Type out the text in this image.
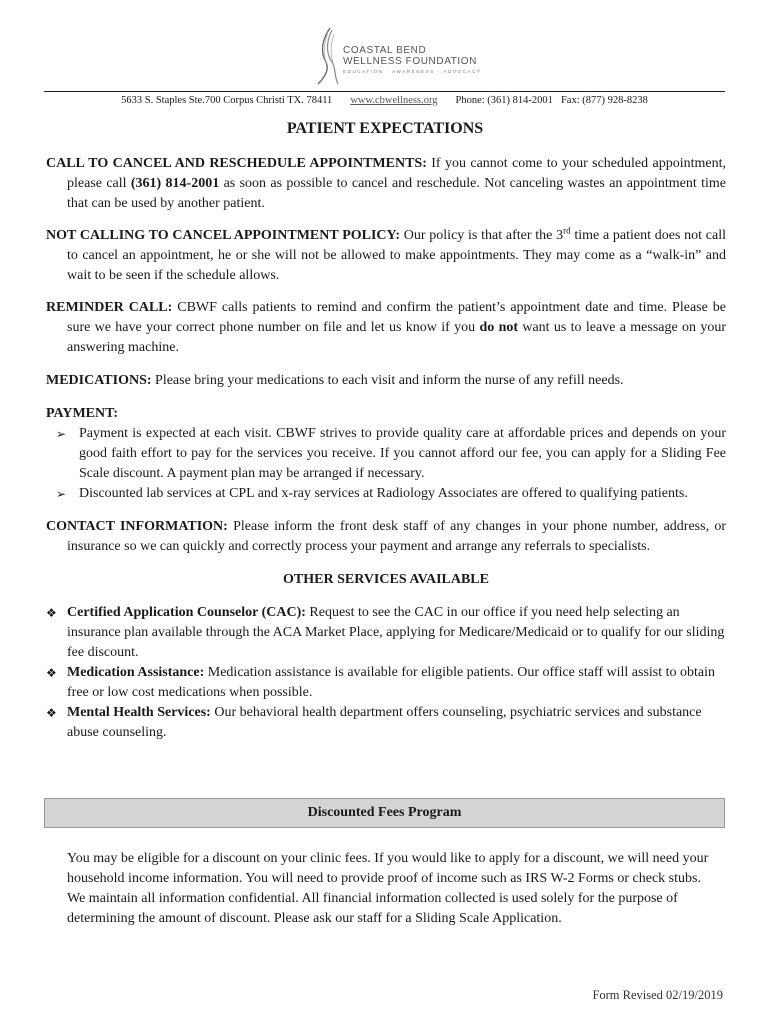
COASTAL BEND
WELLNESS FOUNDATION
EDUCATION · AWARENESS · ADVOCACY
5633 S. Staples Ste.700 Corpus Christi TX. 78411 www.cbwellness.org Phone: (361) 814-2001 Fax: (877) 928-8238
PATIENT EXPECTATIONS

CALL TO CANCEL AND RESCHEDULE APPOINTMENTS: If you cannot come to your scheduled appointment, please call (361) 814-2001 as soon as possible to cancel and reschedule. Not canceling wastes an appointment time that can be used by another patient.

NOT CALLING TO CANCEL APPOINTMENT POLICY: Our policy is that after the 3rd time a patient does not call to cancel an appointment, he or she will not be allowed to make appointments. They may come as a “walk-in” and wait to be seen if the schedule allows.

REMINDER CALL: CBWF calls patients to remind and confirm the patient’s appointment date and time. Please be sure we have your correct phone number on file and let us know if you do not want us to leave a message on your answering machine.

MEDICATIONS: Please bring your medications to each visit and inform the nurse of any refill needs.

PAYMENT:

➢ Payment is expected at each visit. CBWF strives to provide quality care at affordable prices and depends on your good faith effort to pay for the services you receive. If you cannot afford our fee, you can apply for a Sliding Fee Scale discount. A payment plan may be arranged if necessary.
➢ Discounted lab services at CPL and x-ray services at Radiology Associates are offered to qualifying patients.

CONTACT INFORMATION: Please inform the front desk staff of any changes in your phone number, address, or insurance so we can quickly and correctly process your payment and arrange any referrals to specialists.

OTHER SERVICES AVAILABLE

❖ Certified Application Counselor (CAC): Request to see the CAC in our office if you need help selecting an insurance plan available through the ACA Market Place, applying for Medicare/Medicaid or to qualify for our sliding fee discount.
❖ Medication Assistance: Medication assistance is available for eligible patients. Our office staff will assist to obtain free or low cost medications when possible.
❖ Mental Health Services: Our behavioral health department offers counseling, psychiatric services and substance abuse counseling.
Discounted Fees Program

You may be eligible for a discount on your clinic fees. If you would like to apply for a discount, we will need your household income information. You will need to provide proof of income such as IRS W-2 Forms or check stubs. We maintain all information confidential. All financial information collected is used solely for the purpose of determining the amount of discount. Please ask our staff for a Sliding Scale Application.

Form Revised 02/19/2019
